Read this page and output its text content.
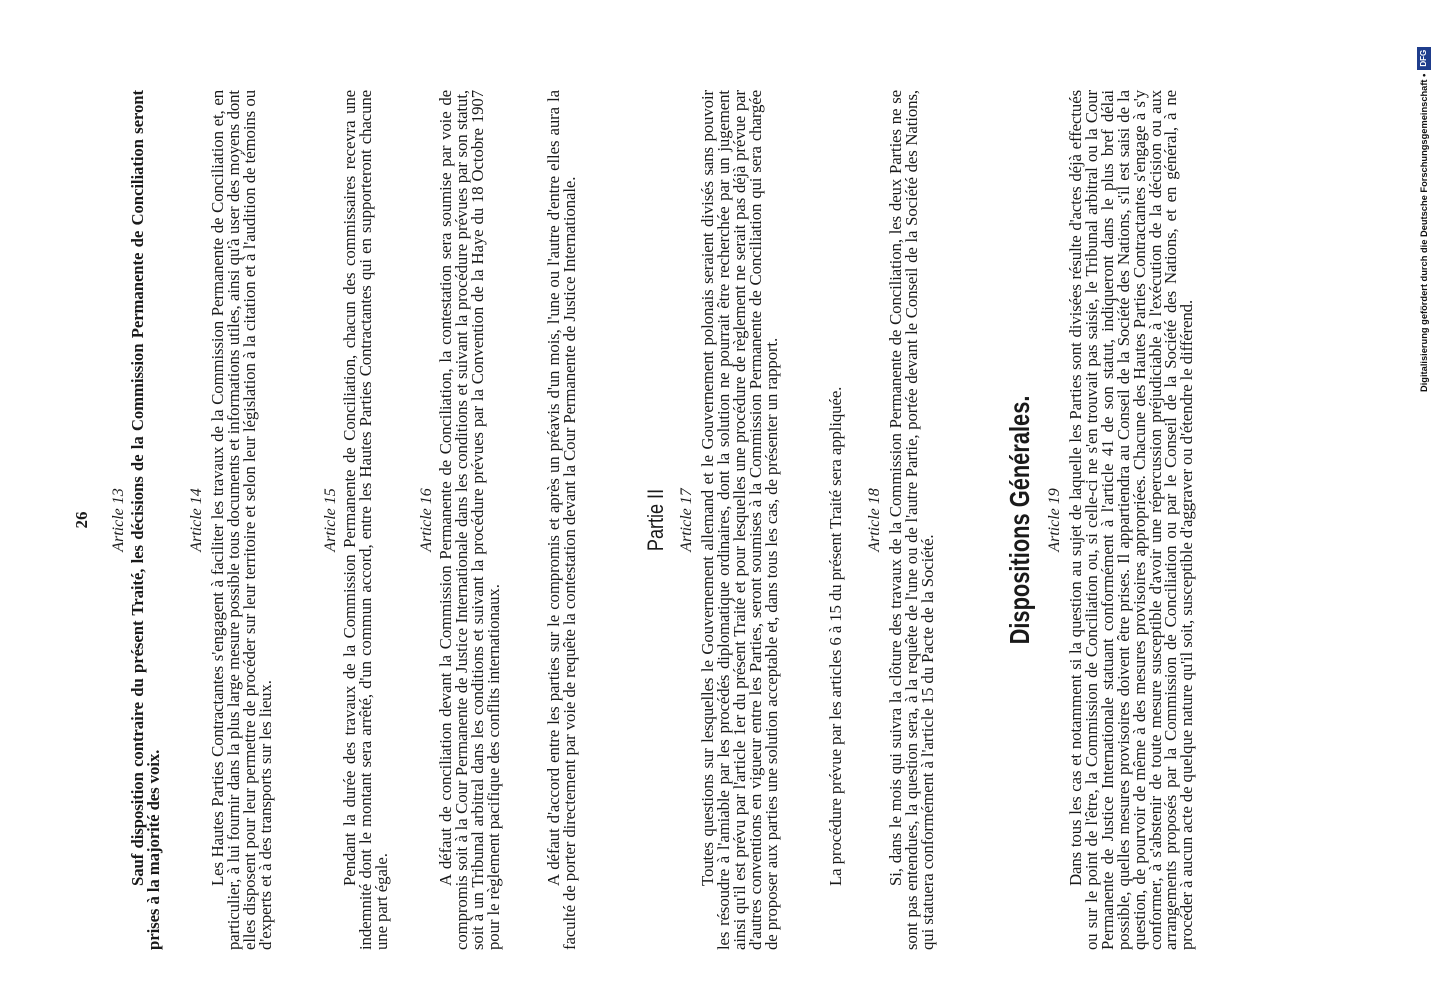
26 Article 13 Sauf disposition contraire du présent Traité, les décisions de la Commission Permanente de Conciliation seront prises à la majorité des voix.
Article 14 Les Hautes Parties Contractantes s'engagent à faciliter les travaux de la Commission Permanente de Conciliation et, en particulier, à lui fournir dans la plus large mesure possible tous documents et informations utiles, ainsi qu'à user des moyens dont elles disposent pour leur permettre de procéder sur leur territoire et selon leur législation à la citation et à l'audition de témoins ou d'experts et à des transports sur les lieux.
Article 15 Pendant la durée des travaux de la Commission Permanente de Conciliation, chacun des commissaires recevra une indemnité dont le montant sera arrêté, d'un commun accord, entre les Hautes Parties Contractantes qui en supporteront chacune une part égale.
Article 16 A défaut de conciliation devant la Commission Permanente de Conciliation, la contestation sera soumise par voie de compromis soit à la Cour Permanente de Justice Internationale dans les conditions et suivant la procédure prévues par son statut, soit à un Tribunal arbitral dans les conditions et suivant la procédure prévues par la Convention de la Haye du 18 Octobre 1907 pour le règlement pacifique des conflits internationaux. A défaut d'accord entre les parties sur le compromis et après un préavis d'un mois, l'une ou l'autre d'entre elles aura la faculté de porter directement par voie de requête la contestation devant la Cour Permanente de Justice Internationale.	Partie II Article 17 Toutes questions sur lesquelles le Gouvernement allemand et le Gouvernement polonais seraient divisés sans pouvoir les résoudre à l'amiable par les procédés diplomatique ordinaires, dont la solution ne pourrait être recherchée par un jugement ainsi qu'il est prévu par l'article 1er du présent Traité et pour lesquelles une procédure de règlement ne serait pas déjà prévue par d'autres conventions en vigueur entre les Parties, seront soumises à la Commission Permanente de Conciliation qui sera chargée de proposer aux parties une solution acceptable et, dans tous les cas, de présenter un rapport.	La procédure prévue par les articles 6 à 15 du présent Traité sera appliquée. Article 18 Si, dans le mois qui suivra la clôture des travaux de la Commission Permanente de Conciliation, les deux Parties ne se sont pas entendues, la question sera, à la requête de l'une ou de l'autre Partie, portée devant le Conseil de la Société des Nations, qui statuera conformément à l'article 15 du Pacte de la Société.
Dispositions Générales. Article 19 Dans tous les cas et notamment si la question au sujet de laquelle les Parties sont divisées résulte d'actes déjà effectués ou sur le point de l'être, la Commission de Conciliation ou, si celle-ci ne s'en trouvait pas saisie, le Tribunal arbitral ou la Cour Permanente de Justice Internationale statuant conformément à l'article 41 de son statut, indiqueront dans le plus bref délai possible, quelles mesures provisoires doivent être prises. Il appartiendra au Conseil de la Société des Nations, s'il est saisi de la question, de pourvoir de même à des mesures provisoires appropriées. Chacune des Hautes Parties Contractantes s'engage à s'y conformer, à s'abstenir de toute mesure susceptible d'avoir une répercussion préjudiciable à l'exécution de la décision ou aux arrangements proposés par la Commission de Conciliation ou par le Conseil de la Société des Nations, et en général, à ne procéder à aucun acte de quelque nature qu'il soit, susceptible d'aggraver ou d'étendre le différend.
Digitalisierung gefördert durch die Deutsche Forschungsgemeinschaft •
DFG
